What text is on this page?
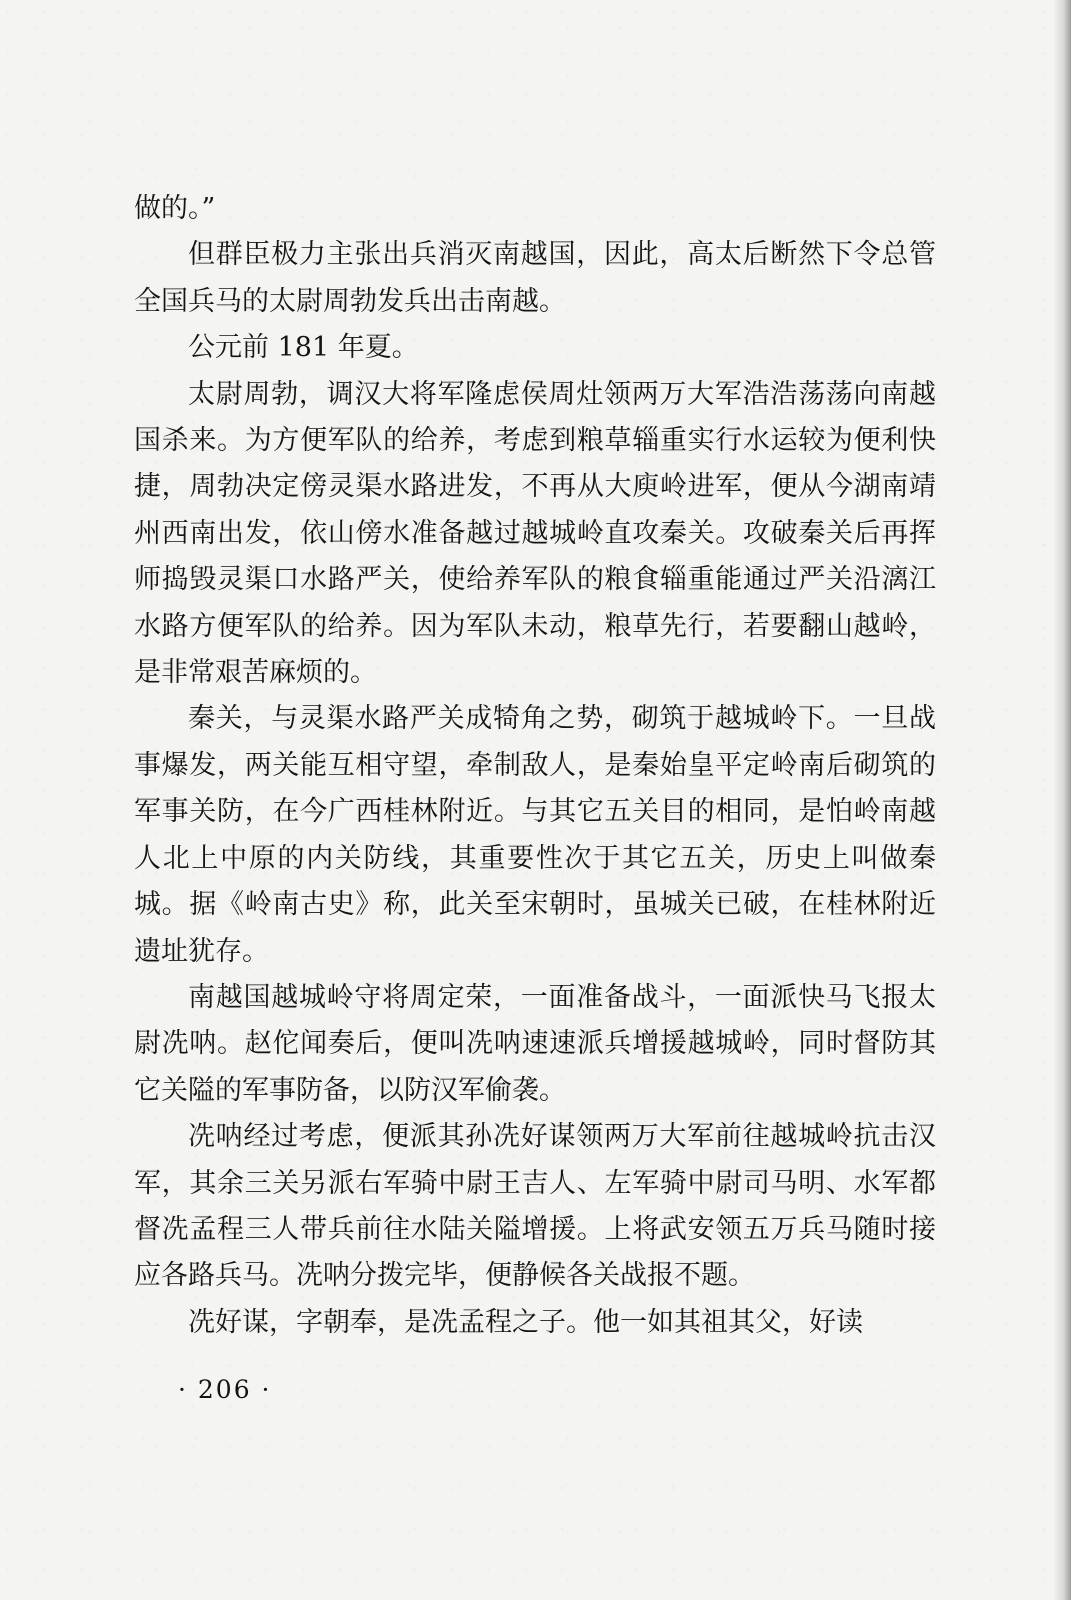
做的。”

但群臣极力主张出兵消灭南越国，因此，高太后断然下令总管全国兵马的太尉周勃发兵出击南越。

公元前 181 年夏。

太尉周勃，调汉大将军隆虑侯周灶领两万大军浩浩荡荡向南越国杀来。为方便军队的给养，考虑到粮草辎重实行水运较为便利快捷，周勃决定傍灵渠水路进发，不再从大庾岭进军，便从今湖南靖州西南出发，依山傍水准备越过越城岭直攻秦关。攻破秦关后再挥师捣毁灵渠口水路严关，使给养军队的粮食辎重能通过严关沿漓江水路方便军队的给养。因为军队未动，粮草先行，若要翻山越岭，是非常艰苦麻烦的。

秦关，与灵渠水路严关成犄角之势，砌筑于越城岭下。一旦战事爆发，两关能互相守望，牵制敌人，是秦始皇平定岭南后砌筑的军事关防，在今广西桂林附近。与其它五关目的相同，是怕岭南越人北上中原的内关防线，其重要性次于其它五关，历史上叫做秦城。据《岭南古史》称，此关至宋朝时，虽城关已破，在桂林附近遗址犹存。

南越国越城岭守将周定荣，一面准备战斗，一面派快马飞报太尉冼呐。赵佗闻奏后，便叫冼呐速速派兵增援越城岭，同时督防其它关隘的军事防备，以防汉军偷袭。

冼呐经过考虑，便派其孙冼好谋领两万大军前往越城岭抗击汉军，其余三关另派右军骑中尉王吉人、左军骑中尉司马明、水军都督冼孟程三人带兵前往水陆关隘增援。上将武安领五万兵马随时接应各路兵马。冼呐分拨完毕，便静候各关战报不题。

冼好谋，字朝奉，是冼孟程之子。他一如其祖其父，好读

· 206 ·
